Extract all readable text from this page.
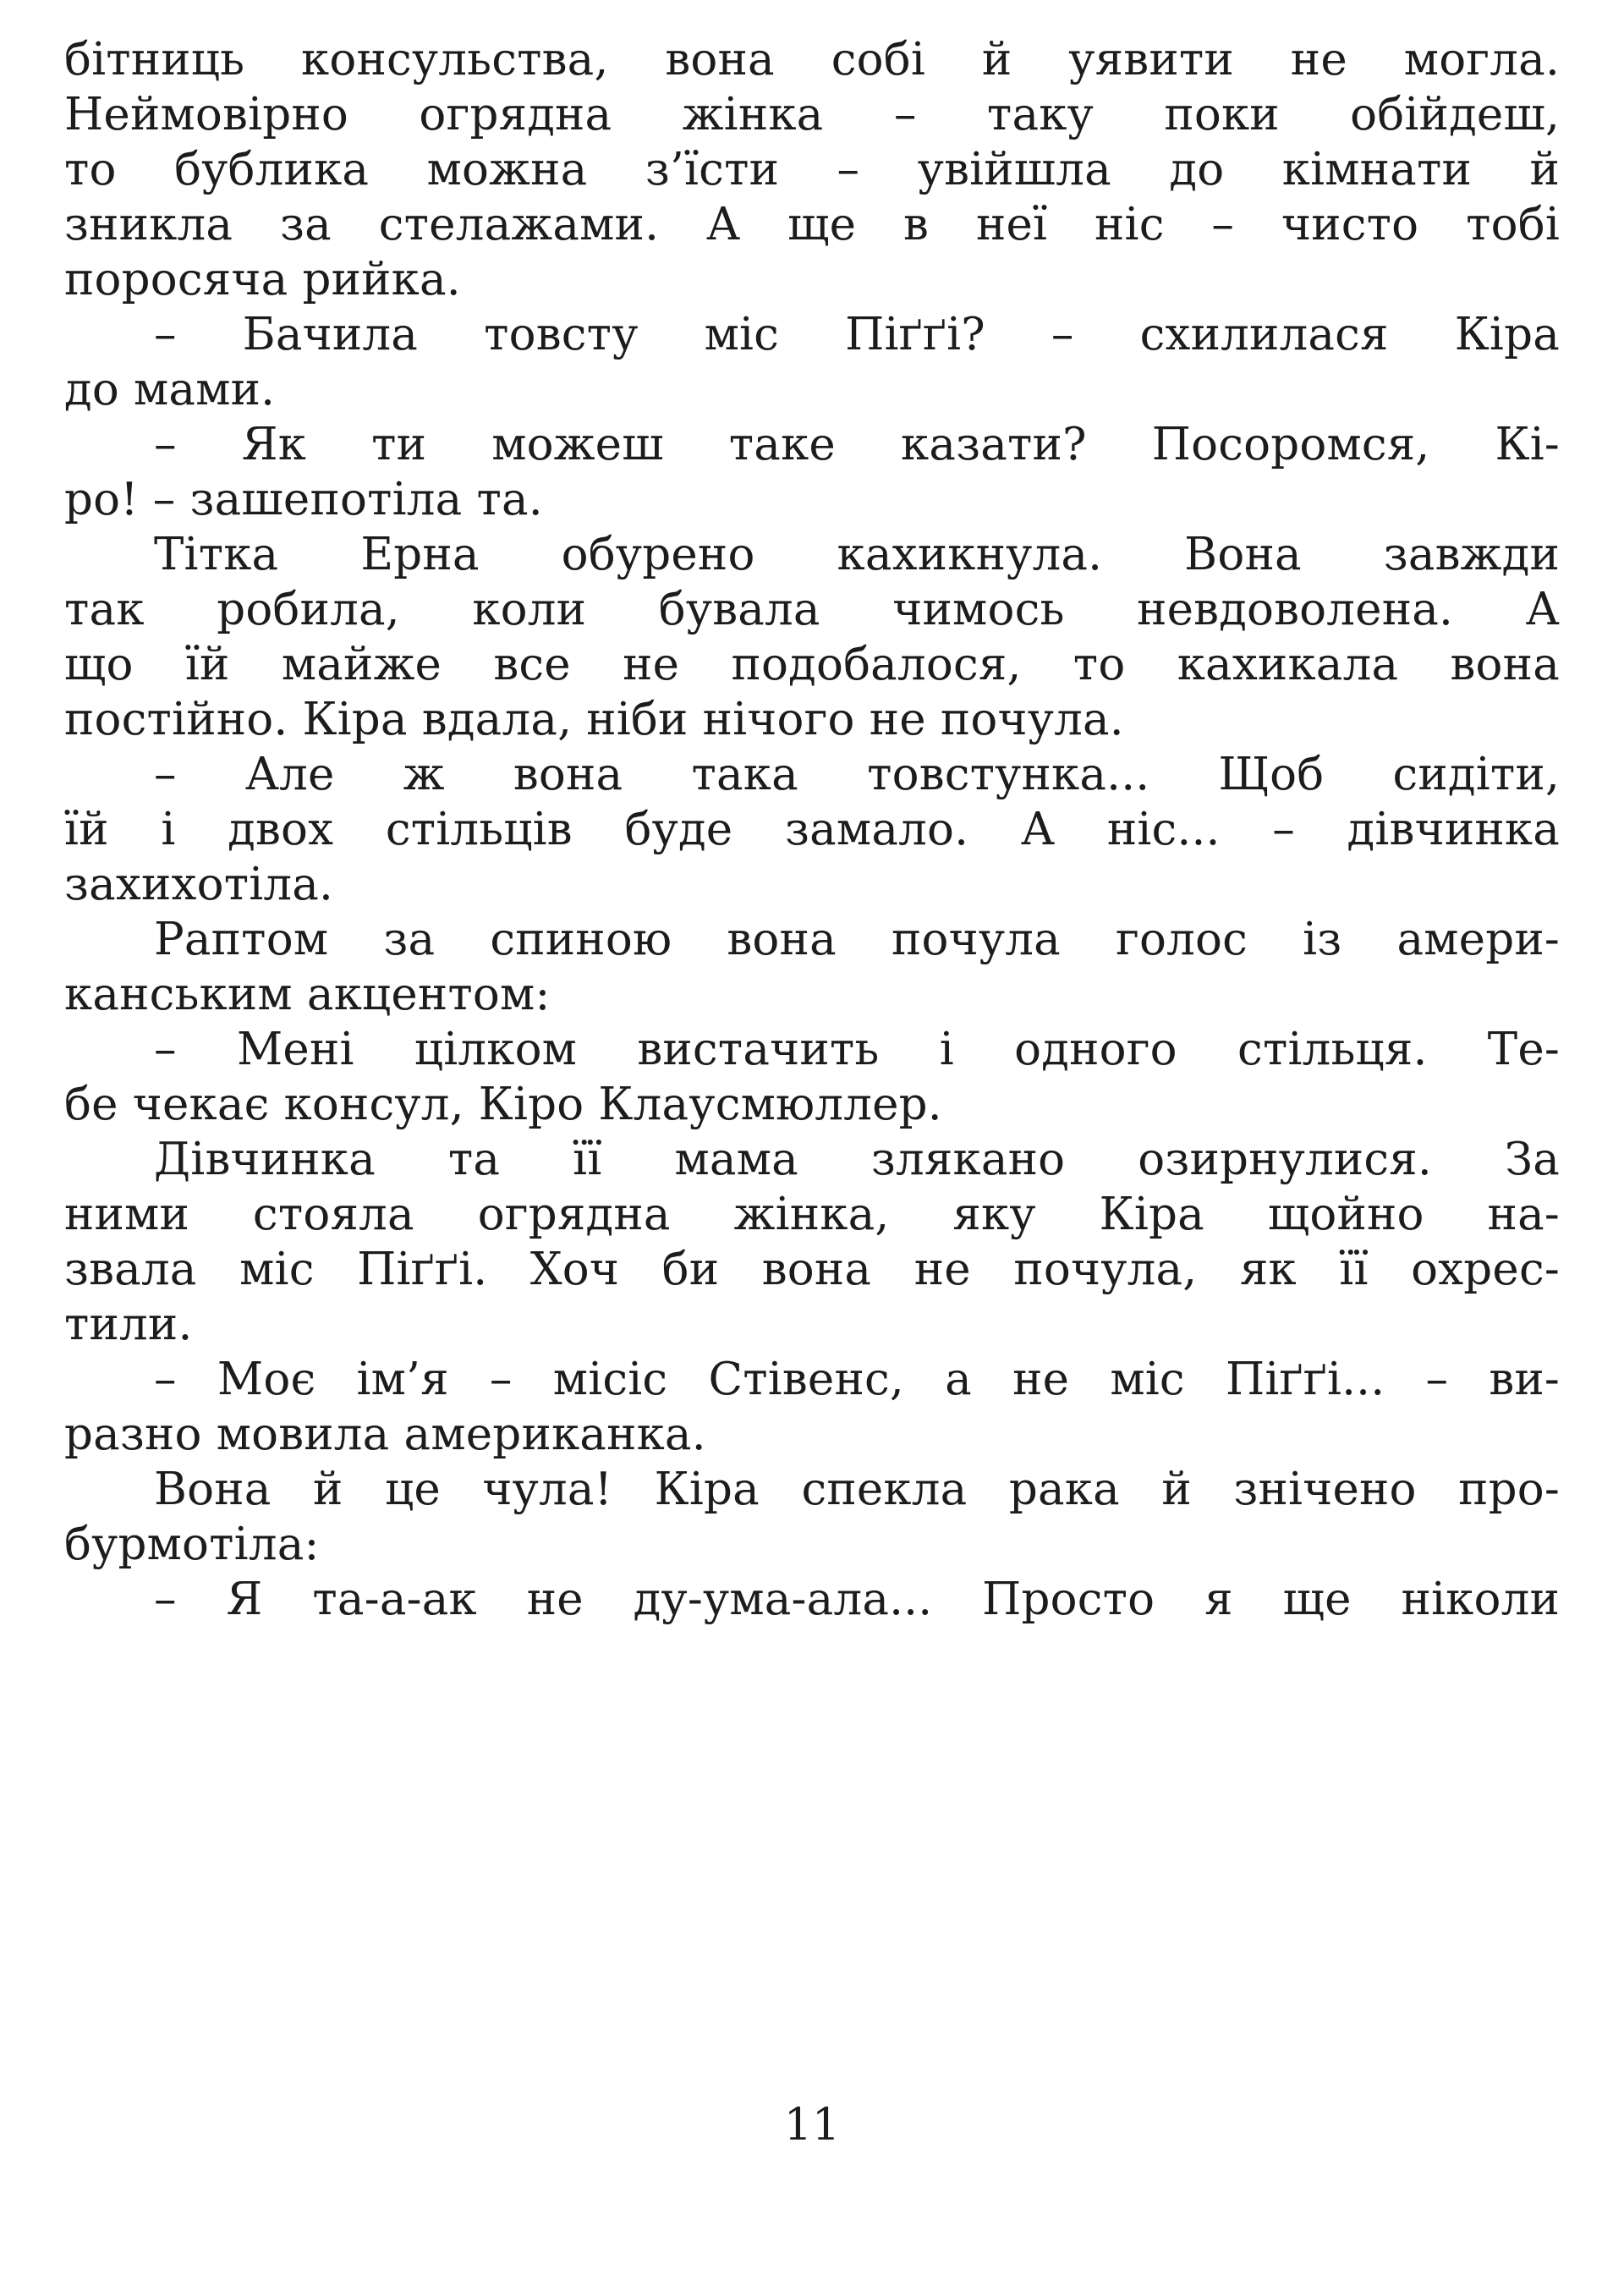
бітниць консульства, вона собі й уявити не могла.
Неймовірно огрядна жінка – таку поки обійдеш,
то бублика можна з’їсти – увійшла до кімнати й
зникла за стелажами. А ще в неї ніс – чисто тобі
поросяча рийка.
– Бачила товсту міс Піґґі? – схилилася Кіра
до мами.
– Як ти можеш таке казати? Посоромся, Кі-
ро! – зашепотіла та.
Тітка Ерна обурено кахикнула. Вона завжди
так робила, коли бувала чимось невдоволена. А
що їй майже все не подобалося, то кахикала вона
постійно. Кіра вдала, ніби нічого не почула.
– Але ж вона така товстунка... Щоб сидіти,
їй і двох стільців буде замало. А ніс... – дівчинка
захихотіла.
Раптом за спиною вона почула голос із амери-
канським акцентом:
– Мені цілком вистачить і одного стільця. Те-
бе чекає консул, Кіро Клаусмюллер.
Дівчинка та її мама злякано озирнулися. За
ними стояла огрядна жінка, яку Кіра щойно на-
звала міс Піґґі. Хоч би вона не почула, як її охрес-
тили.
– Моє ім’я – місіс Стівенс, а не міс Піґґі... – ви-
разно мовила американка.
Вона й це чула! Кіра спекла рака й знічено про-
бурмотіла:
– Я та-а-ак не ду-ума-ала... Просто я ще ніколи
11
